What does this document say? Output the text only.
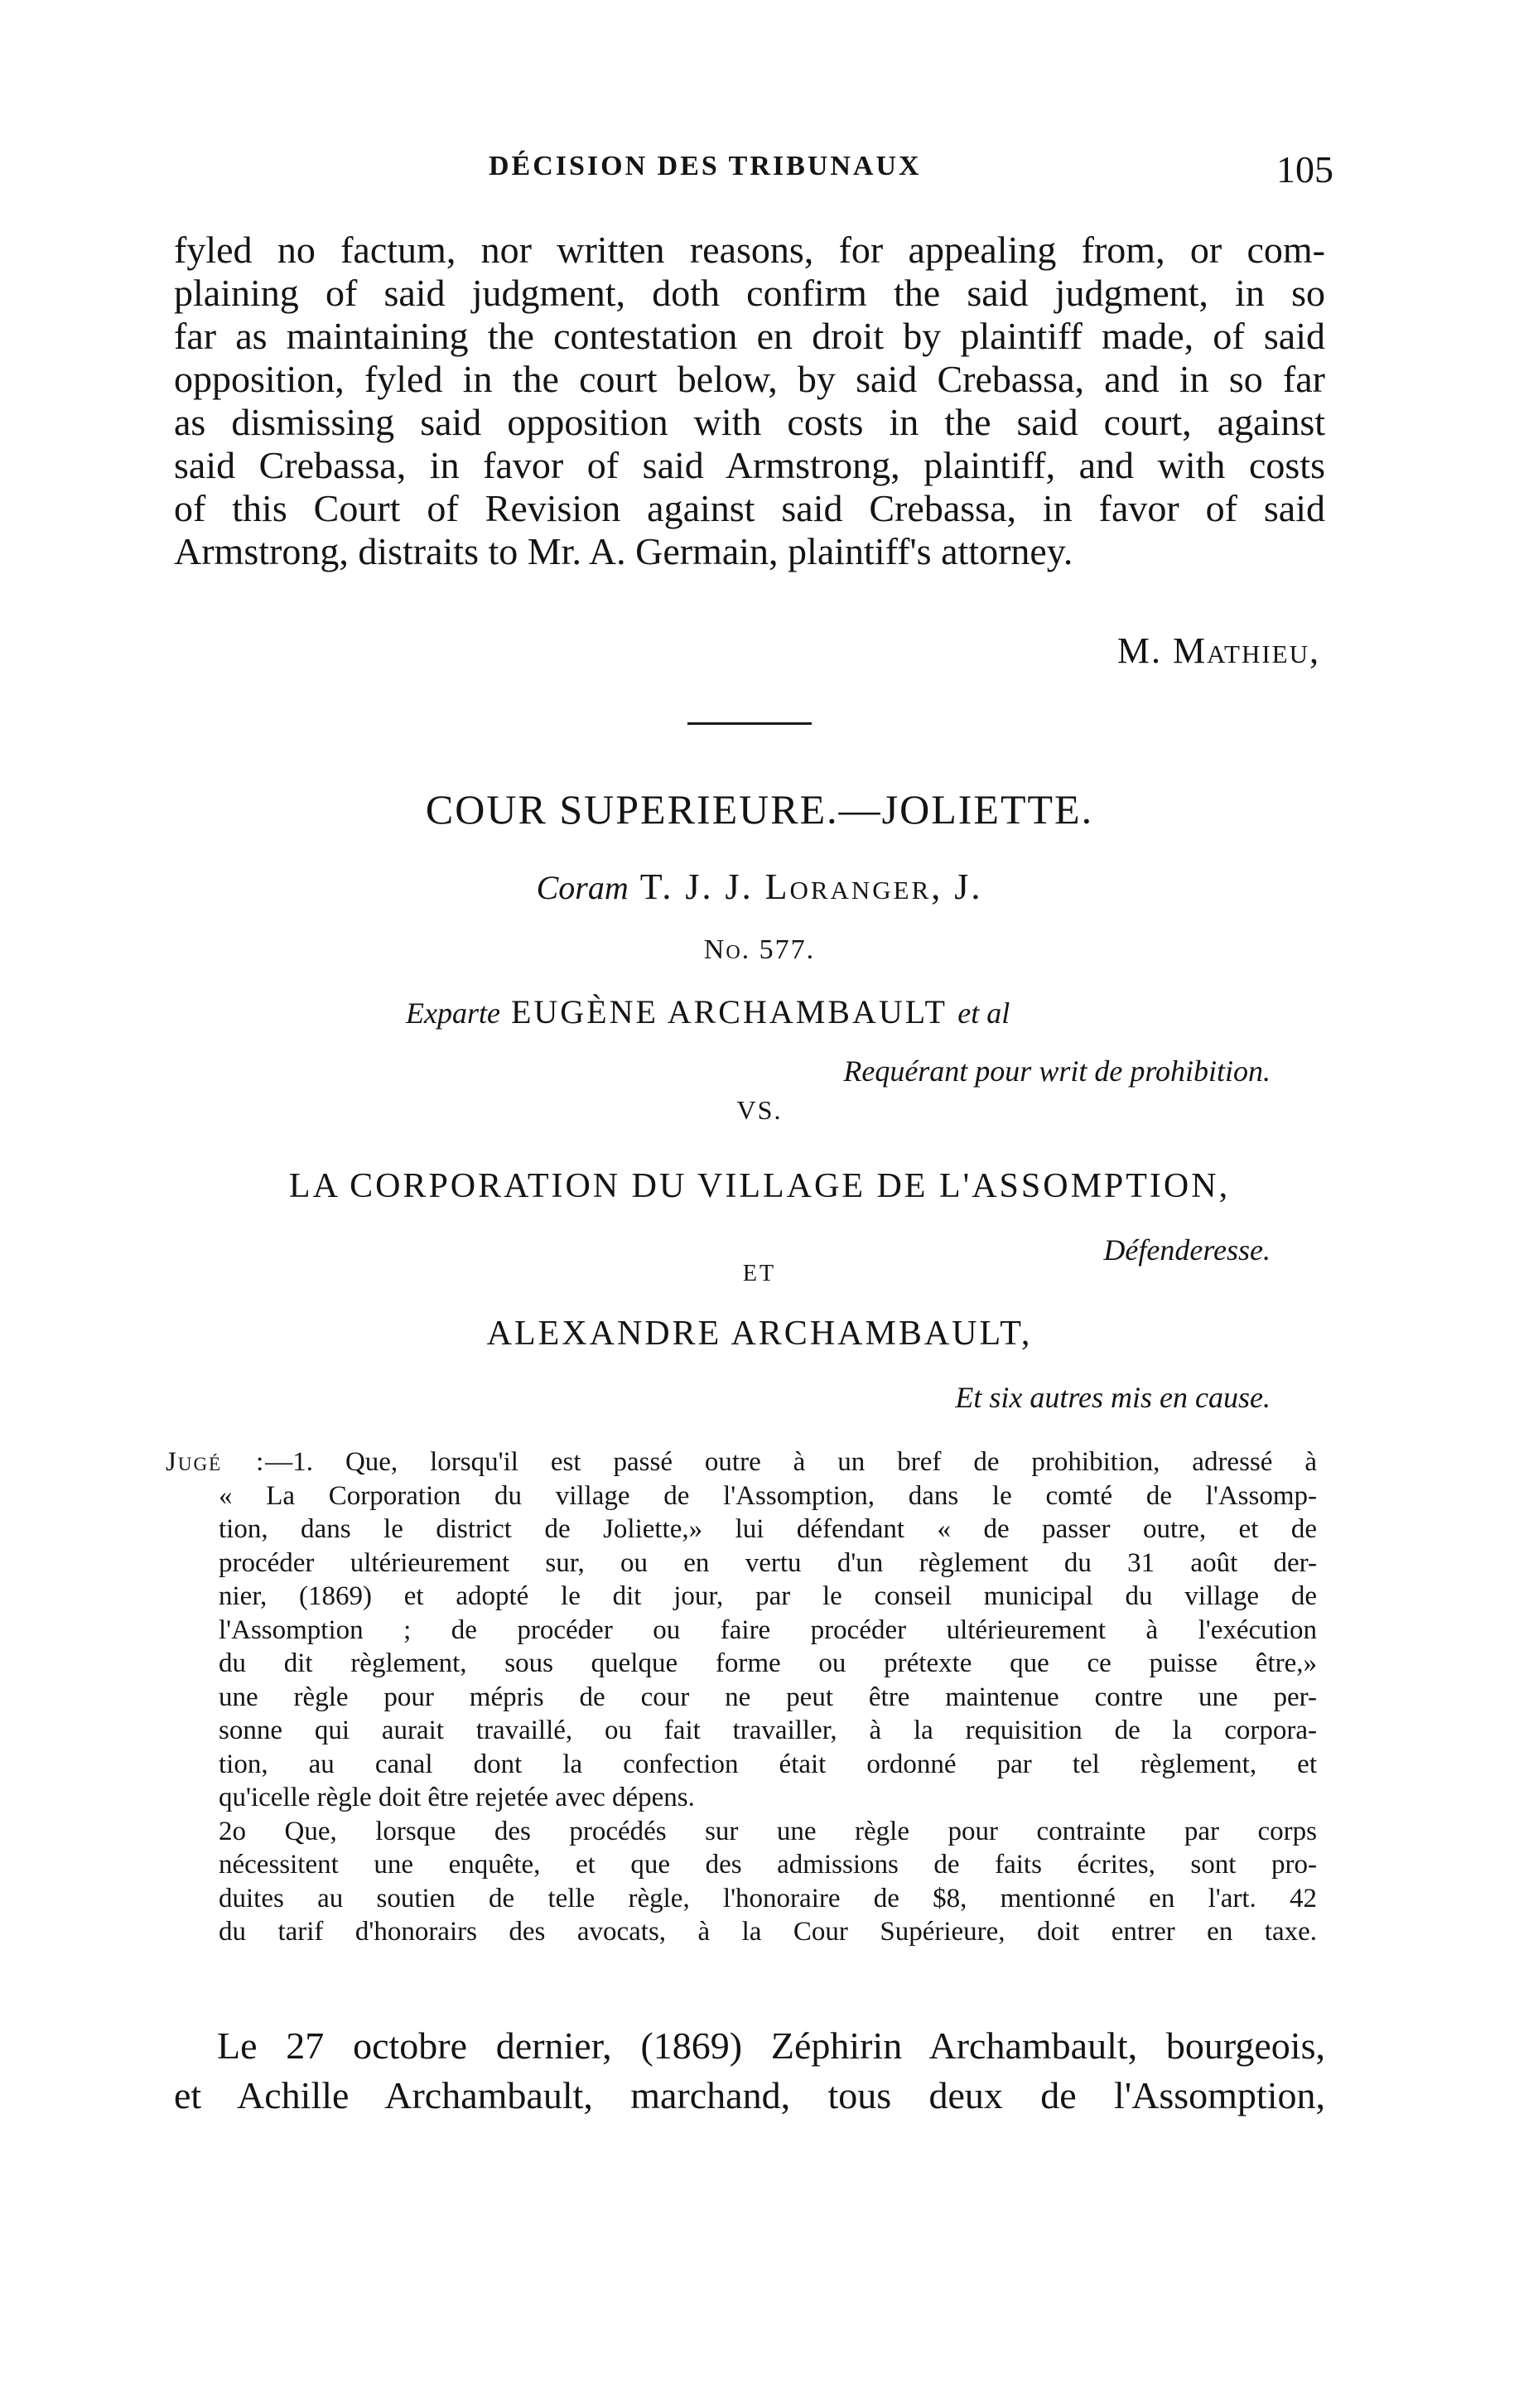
DÉCISION DES TRIBUNAUX	105
fyled no factum, nor written reasons, for appealing from, or com-
plaining of said judgment, doth confirm the said judgment, in so
far as maintaining the contestation en droit by plaintiff made, of said
opposition, fyled in the court below, by said Crebassa, and in so far
as dismissing said opposition with costs in the said court, against
said Crebassa, in favor of said Armstrong, plaintiff, and with costs
of this Court of Revision against said Crebassa, in favor of said
Armstrong, distraits to Mr. A. Germain, plaintiff's attorney.
M. Mathieu,
COUR SUPERIEURE.—JOLIETTE.
Coram T. J. J. Loranger, J.
No. 577.
Exparte EUGÈNE ARCHAMBAULT et al
Requérant pour writ de prohibition.
VS.
LA CORPORATION DU VILLAGE DE L'ASSOMPTION,
Défenderesse.
ET
ALEXANDRE ARCHAMBAULT,
Et six autres mis en cause.
Jugé :—1. Que, lorsqu'il est passé outre à un bref de prohibition, adressé à
« La Corporation du village de l'Assomption, dans le comté de l'Assomp-
tion, dans le district de Joliette,» lui défendant « de passer outre, et de
procéder ultérieurement sur, ou en vertu d'un règlement du 31 août der-
nier, (1869) et adopté le dit jour, par le conseil municipal du village de
l'Assomption ; de procéder ou faire procéder ultérieurement à l'exécution
du dit règlement, sous quelque forme ou prétexte que ce puisse être,»
une règle pour mépris de cour ne peut être maintenue contre une per-
sonne qui aurait travaillé, ou fait travailler, à la requisition de la corpora-
tion, au canal dont la confection était ordonné par tel règlement, et
qu'icelle règle doit être rejetée avec dépens.
2o Que, lorsque des procédés sur une règle pour contrainte par corps
nécessitent une enquête, et que des admissions de faits écrites, sont pro-
duites au soutien de telle règle, l'honoraire de $8, mentionné en l'art. 42
du tarif d'honorairs des avocats, à la Cour Supérieure, doit entrer en taxe.
Le 27 octobre dernier, (1869) Zéphirin Archambault, bourgeois,
et Achille Archambault, marchand, tous deux de l'Assomption,
